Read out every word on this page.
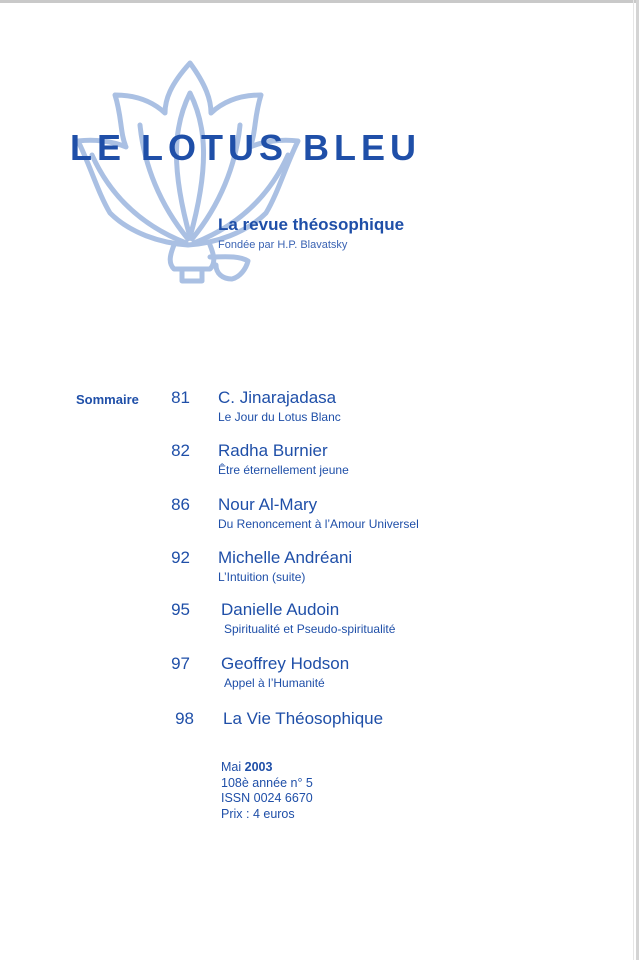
LE LOTUS BLEU
La revue théosophique

Fondée par H.P. Blavatsky

Sommaire	81 C. Jinarajadasa
Le Jour du Lotus Blanc
82 Radha Burnier
Être éternellement jeune
86 Nour Al-Mary
Du Renoncement à l’Amour Universel
92 Michelle Andréani
L’Intuition (suite)
95 Danielle Audoin
Spiritualité et Pseudo-spiritualité
97 Geoffrey Hodson
Appel à l’Humanité
98 La Vie Théosophique
Mai 2003
108è année n° 5
ISSN 0024 6670
Prix : 4 euros
